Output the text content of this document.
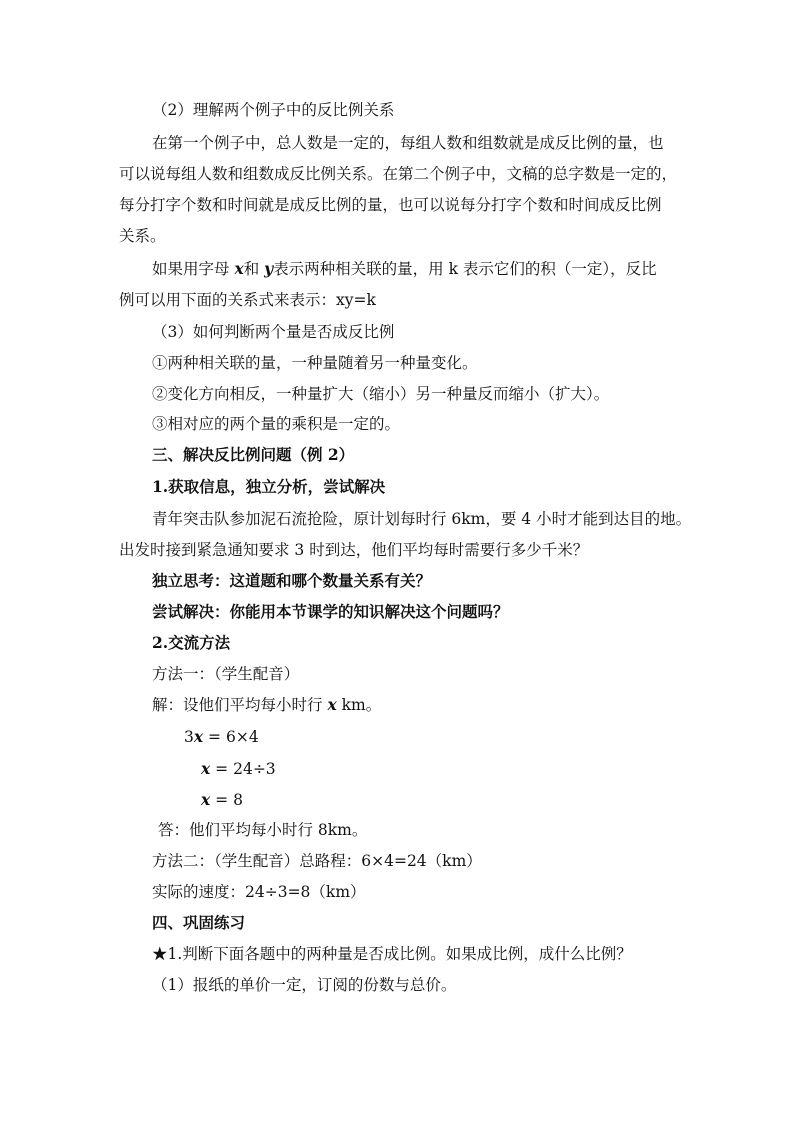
（2）理解两个例子中的反比例关系
在第一个例子中，总人数是一定的，每组人数和组数就是成反比例的量，也
可以说每组人数和组数成反比例关系。在第二个例子中，文稿的总字数是一定的，
每分打字个数和时间就是成反比例的量，也可以说每分打字个数和时间成反比例
关系。
如果用字母 x和 y表示两种相关联的量，用 k 表示它们的积（一定），反比
例可以用下面的关系式来表示：xy=k
（3）如何判断两个量是否成反比例
①两种相关联的量，一种量随着另一种量变化。
②变化方向相反，一种量扩大（缩小）另一种量反而缩小（扩大）。
③相对应的两个量的乘积是一定的。
三、解决反比例问题（例 2）
1.获取信息，独立分析，尝试解决
青年突击队参加泥石流抢险，原计划每时行 6km，要 4 小时才能到达目的地。
出发时接到紧急通知要求 3 时到达，他们平均每时需要行多少千米？
独立思考：这道题和哪个数量关系有关？
尝试解决：你能用本节课学的知识解决这个问题吗？
2.交流方法
方法一：（学生配音）
解：设他们平均每小时行 x km。
3x = 6×4
x = 24÷3
x = 8
答：他们平均每小时行 8km。
方法二：（学生配音）总路程：6×4=24（km）
实际的速度：24÷3=8（km）
四、巩固练习
★1.判断下面各题中的两种量是否成比例。如果成比例，成什么比例？
（1）报纸的单价一定，订阅的份数与总价。
